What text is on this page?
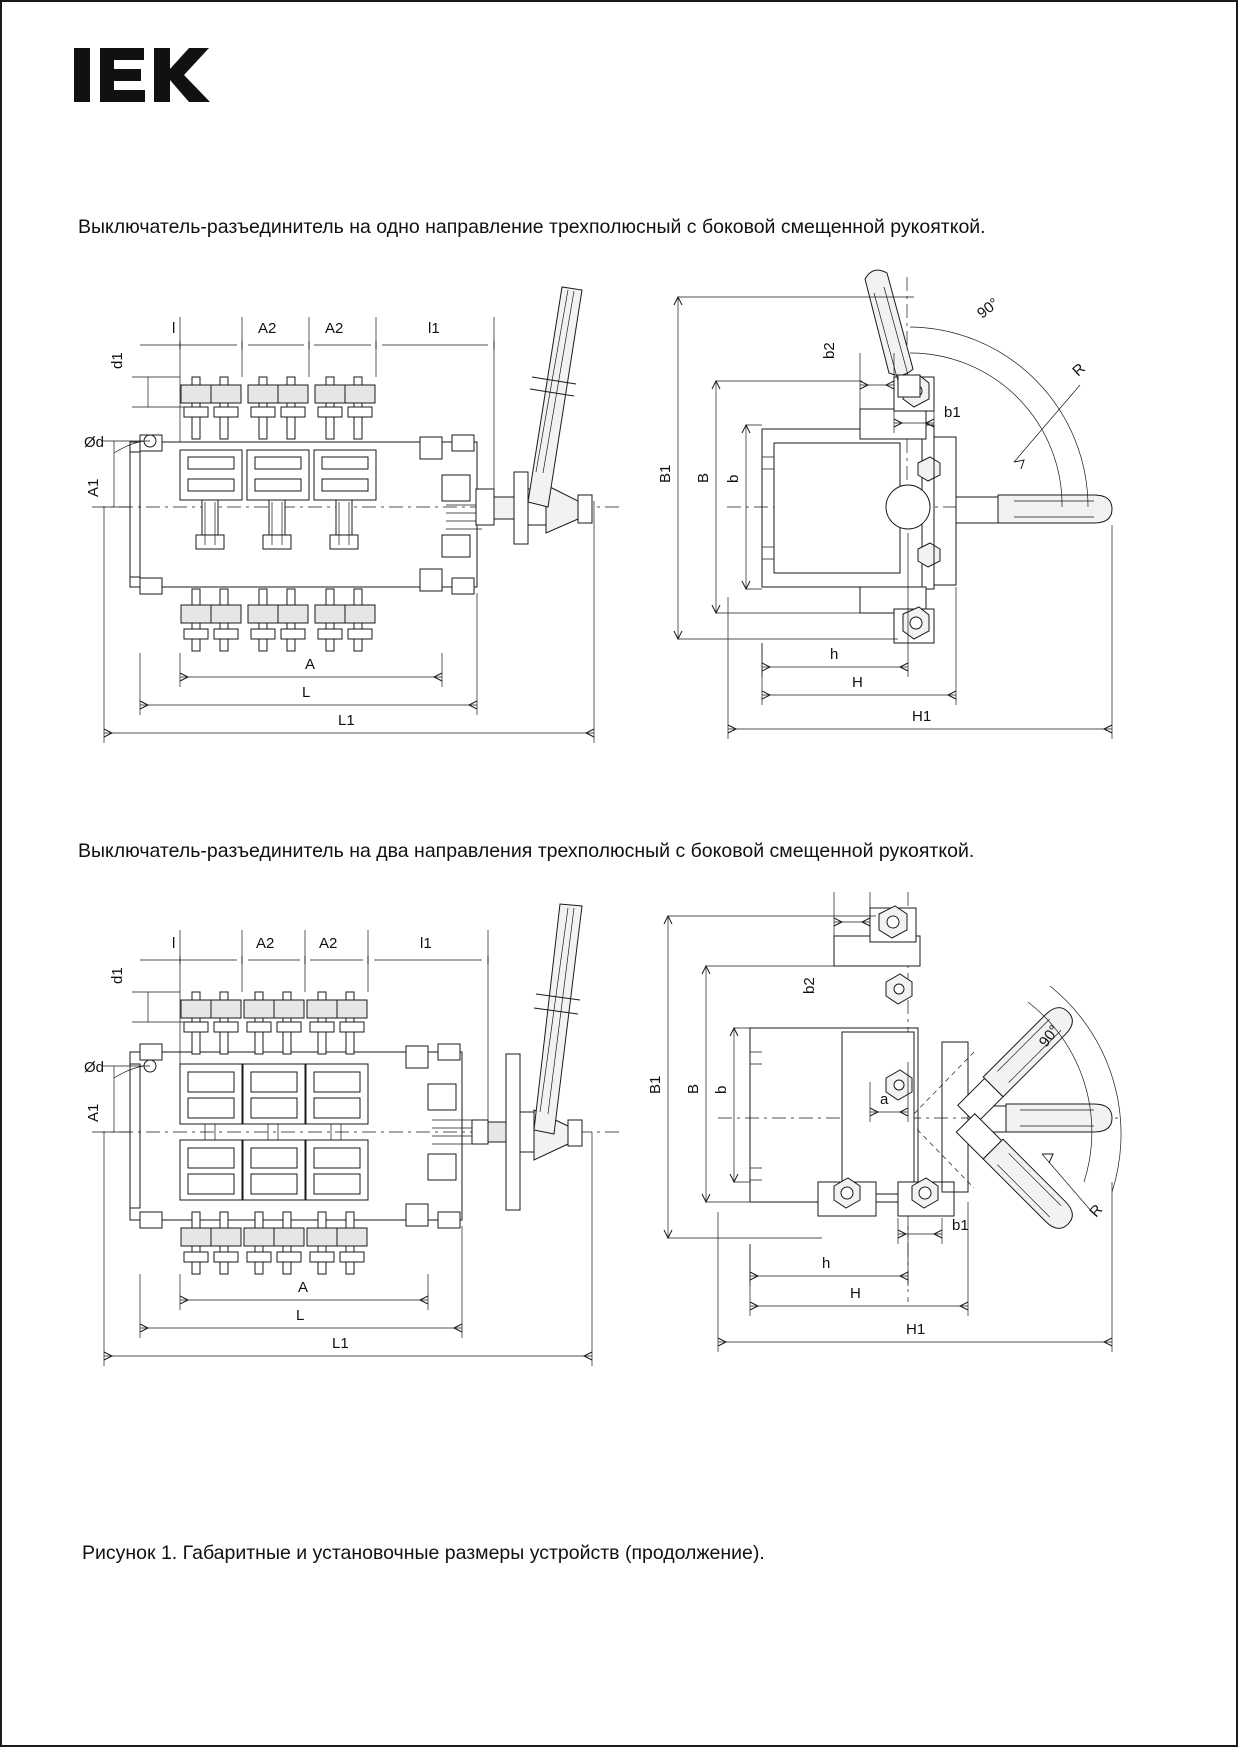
Выключатель-разъединитель на одно направление трехполюсный с боковой смещенной рукояткой.
Ød
l	A2	A2	l1
d1
A1
A
L
L1
90°
R
b2
b1
B1 B b
h
H
H1
Выключатель-разъединитель на два направления трехполюсный с боковой смещенной рукояткой.
Ød
l	A2	A2	l1
d1
A1
A
L
L1
90°
R
b2
b1
a
B1 B b
h
H
H1
Рисунок 1. Габаритные и установочные размеры устройств (продолжение).
